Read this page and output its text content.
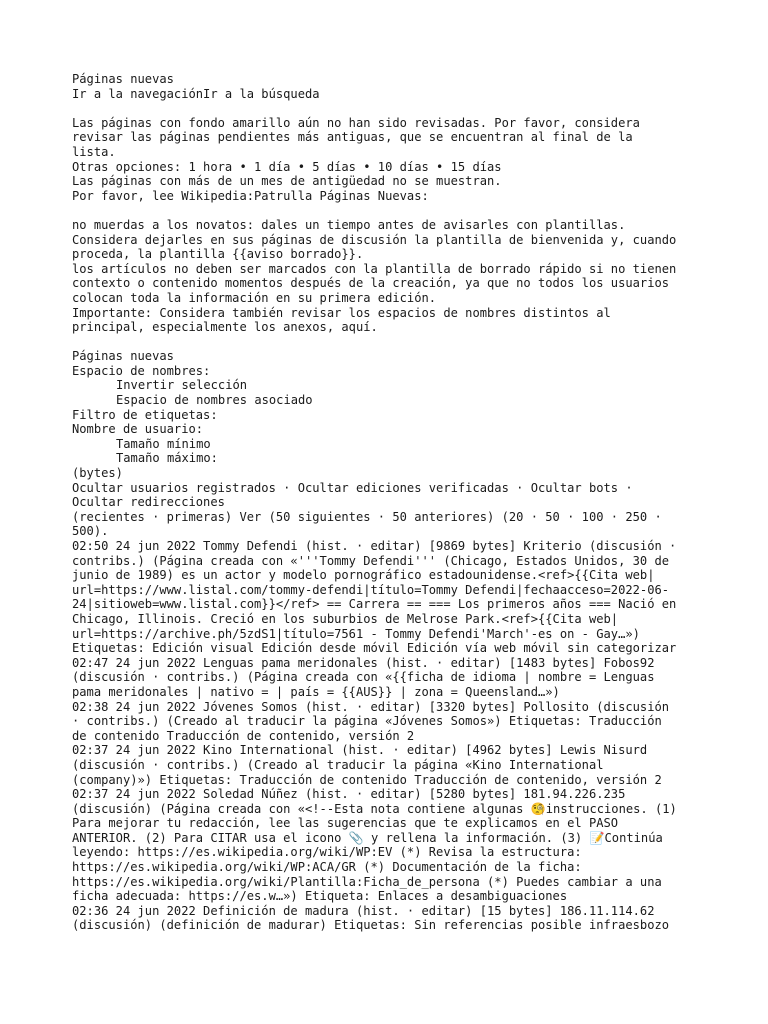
Páginas nuevas
Ir a la navegaciónIr a la búsqueda
Las páginas con fondo amarillo aún no han sido revisadas. Por favor, considera
revisar las páginas pendientes más antiguas, que se encuentran al final de la
lista.
Otras opciones: 1 hora • 1 día • 5 días • 10 días • 15 días
Las páginas con más de un mes de antigüedad no se muestran.
Por favor, lee Wikipedia:Patrulla Páginas Nuevas:
no muerdas a los novatos: dales un tiempo antes de avisarles con plantillas.
Considera dejarles en sus páginas de discusión la plantilla de bienvenida y, cuando
proceda, la plantilla {{aviso borrado}}.
los artículos no deben ser marcados con la plantilla de borrado rápido si no tienen
contexto o contenido momentos después de la creación, ya que no todos los usuarios
colocan toda la información en su primera edición.
Importante: Considera también revisar los espacios de nombres distintos al
principal, especialmente los anexos, aquí.
Páginas nuevas
Espacio de nombres:
Invertir selección
Espacio de nombres asociado
Filtro de etiquetas:
Nombre de usuario:
Tamaño mínimo
Tamaño máximo:
(bytes)
Ocultar usuarios registrados · Ocultar ediciones verificadas · Ocultar bots ·
Ocultar redirecciones
(recientes · primeras) Ver (50 siguientes · 50 anteriores) (20 · 50 · 100 · 250 ·
500).
02:50 24 jun 2022 Tommy Defendi (hist. · editar) [9869 bytes] Kriterio (discusión ·
contribs.) (Página creada con «'''Tommy Defendi''' (Chicago, Estados Unidos, 30 de
junio de 1989) es un actor y modelo pornográfico estadounidense.<ref>{{Cita web|
url=https://www.listal.com/tommy-defendi|título=Tommy Defendi|fechaacceso=2022-06-
24|sitioweb=www.listal.com}}</ref> == Carrera == === Los primeros años === Nació en
Chicago, Illinois. Creció en los suburbios de Melrose Park.<ref>{{Cita web|
url=https://archive.ph/5zdS1|título=7561 - Tommy Defendi'March'-es on - Gay…»)
Etiquetas: Edición visual Edición desde móvil Edición vía web móvil sin categorizar
02:47 24 jun 2022 Lenguas pama meridonales (hist. · editar) [1483 bytes] Fobos92
(discusión · contribs.) (Página creada con «{{ficha de idioma | nombre = Lenguas
pama meridonales | nativo = | país = {{AUS}} | zona = Queensland…»)
02:38 24 jun 2022 Jóvenes Somos (hist. · editar) [3320 bytes] Pollosito (discusión
· contribs.) (Creado al traducir la página «Jóvenes Somos») Etiquetas: Traducción
de contenido Traducción de contenido, versión 2
02:37 24 jun 2022 Kino International (hist. · editar) [4962 bytes] Lewis Nisurd
(discusión · contribs.) (Creado al traducir la página «Kino International
(company)») Etiquetas: Traducción de contenido Traducción de contenido, versión 2
02:37 24 jun 2022 Soledad Núñez (hist. · editar) [5280 bytes] 181.94.226.235
(discusión) (Página creada con «<!--Esta nota contiene algunas 🧐instrucciones. (1)
Para mejorar tu redacción, lee las sugerencias que te explicamos en el PASO
ANTERIOR. (2) Para CITAR usa el icono 📎 y rellena la información. (3) 📝Continúa
leyendo: https://es.wikipedia.org/wiki/WP:EV (*) Revisa la estructura:
https://es.wikipedia.org/wiki/WP:ACA/GR (*) Documentación de la ficha:
https://es.wikipedia.org/wiki/Plantilla:Ficha_de_persona (*) Puedes cambiar a una
ficha adecuada: https://es.w…») Etiqueta: Enlaces a desambiguaciones
02:36 24 jun 2022 Definición de madura (hist. · editar) [15 bytes] 186.11.114.62
(discusión) (definición de madurar) Etiquetas: Sin referencias posible infraesbozo
